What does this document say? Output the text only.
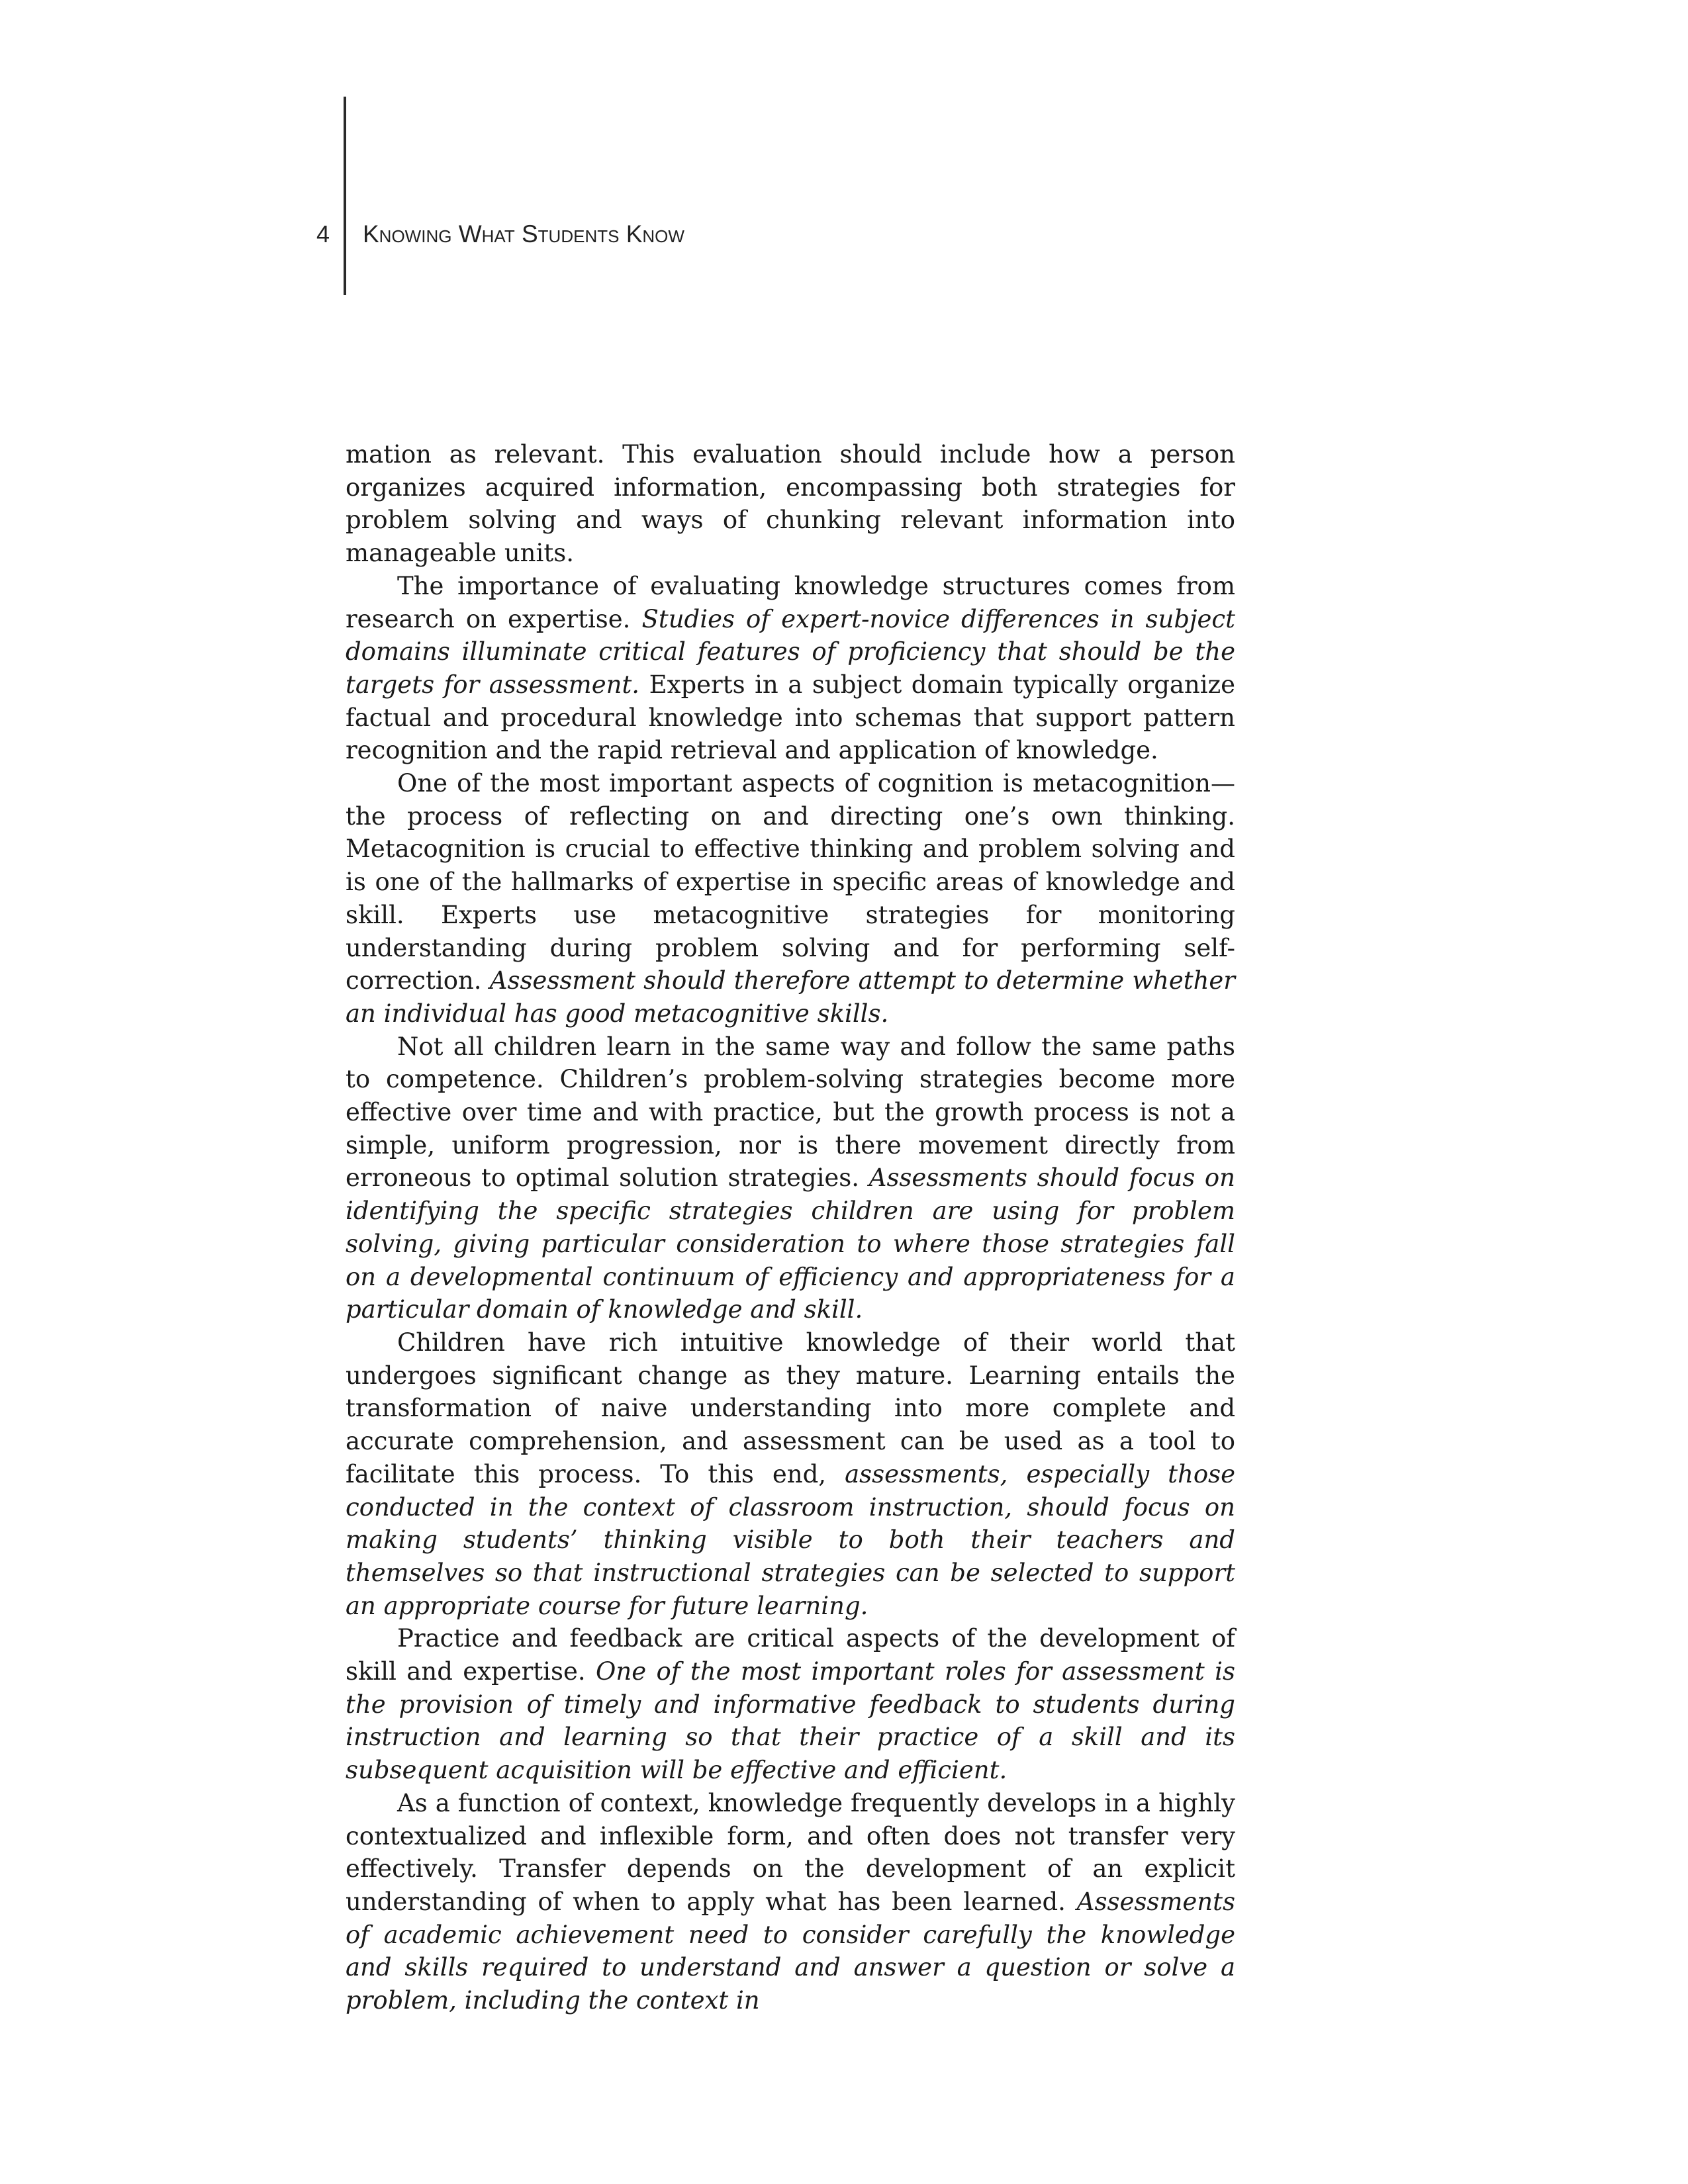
4 Knowing What Students Know

mation as relevant. This evaluation should include how a person organizes acquired information, encompassing both strategies for problem solving and ways of chunking relevant information into manageable units.

The importance of evaluating knowledge structures comes from research on expertise. Studies of expert-novice differences in subject domains illuminate critical features of proficiency that should be the targets for assessment. Experts in a subject domain typically organize factual and procedural knowledge into schemas that support pattern recognition and the rapid retrieval and application of knowledge.

One of the most important aspects of cognition is metacognition—the process of reflecting on and directing one’s own thinking. Metacognition is crucial to effective thinking and problem solving and is one of the hallmarks of expertise in specific areas of knowledge and skill. Experts use metacognitive strategies for monitoring understanding during problem solving and for performing self-correction. Assessment should therefore attempt to determine whether an individual has good metacognitive skills.

Not all children learn in the same way and follow the same paths to competence. Children’s problem-solving strategies become more effective over time and with practice, but the growth process is not a simple, uniform progression, nor is there movement directly from erroneous to optimal solution strategies. Assessments should focus on identifying the specific strategies children are using for problem solving, giving particular consideration to where those strategies fall on a developmental continuum of efficiency and appropriateness for a particular domain of knowledge and skill.

Children have rich intuitive knowledge of their world that undergoes significant change as they mature. Learning entails the transformation of naive understanding into more complete and accurate comprehension, and assessment can be used as a tool to facilitate this process. To this end, assessments, especially those conducted in the context of classroom instruction, should focus on making students’ thinking visible to both their teachers and themselves so that instructional strategies can be selected to support an appropriate course for future learning.

Practice and feedback are critical aspects of the development of skill and expertise. One of the most important roles for assessment is the provision of timely and informative feedback to students during instruction and learning so that their practice of a skill and its subsequent acquisition will be effective and efficient.

As a function of context, knowledge frequently develops in a highly contextualized and inflexible form, and often does not transfer very effectively. Transfer depends on the development of an explicit understanding of when to apply what has been learned. Assessments of academic achievement need to consider carefully the knowledge and skills required to understand and answer a question or solve a problem, including the context in
